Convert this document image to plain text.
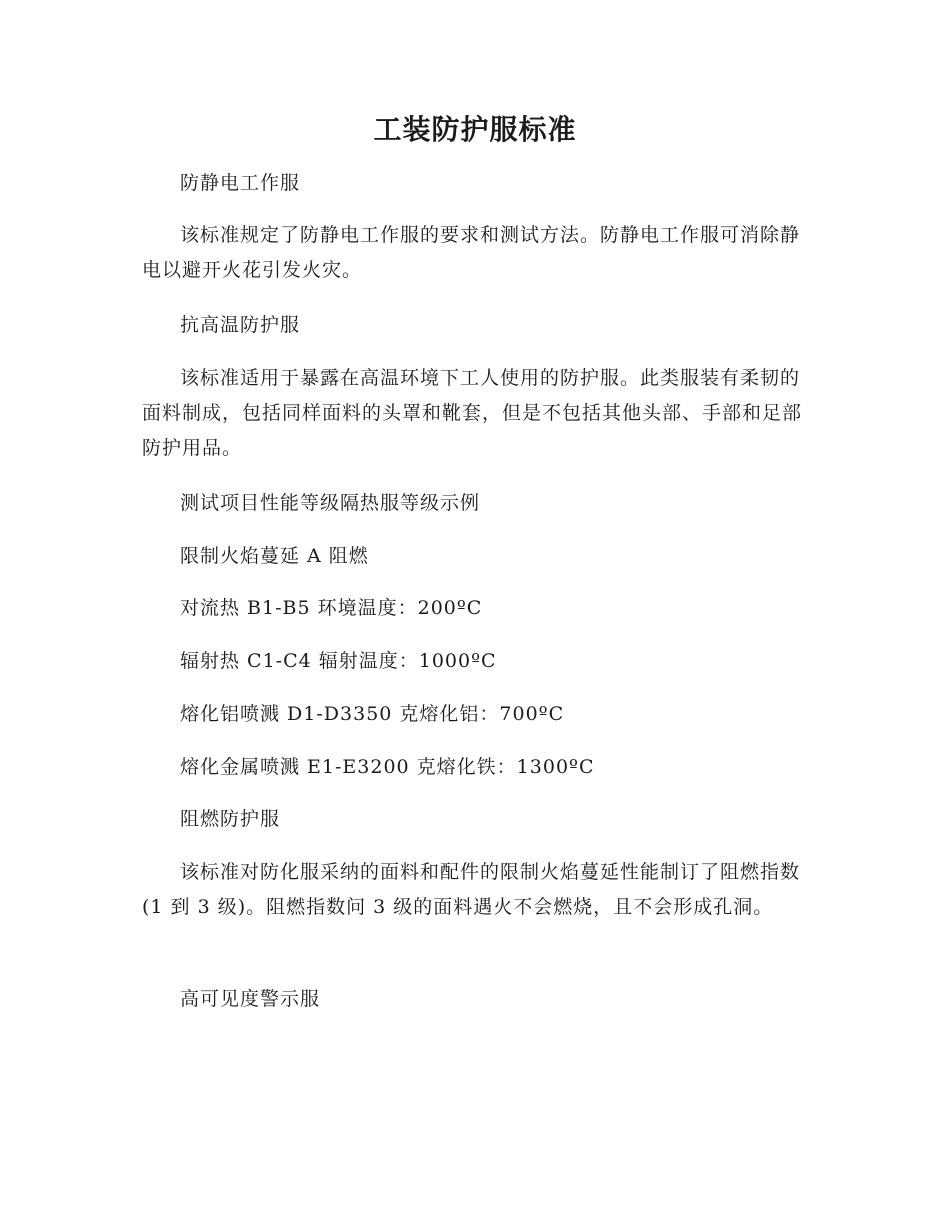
工装防护服标准

防静电工作服

该标准规定了防静电工作服的要求和测试方法。防静电工作服可消除静电以避开火花引发火灾。

抗高温防护服

该标准适用于暴露在高温环境下工人使用的防护服。此类服装有柔韧的面料制成，包括同样面料的头罩和靴套，但是不包括其他头部、手部和足部防护用品。

测试项目性能等级隔热服等级示例

限制火焰蔓延 A 阻燃

对流热 B1-B5 环境温度：200ºC

辐射热 C1-C4 辐射温度：1000ºC

熔化铝喷溅 D1-D3350 克熔化铝：700ºC

熔化金属喷溅 E1-E3200 克熔化铁：1300ºC

阻燃防护服

该标准对防化服采纳的面料和配件的限制火焰蔓延性能制订了阻燃指数(1 到 3 级)。阻燃指数问 3 级的面料遇火不会燃烧，且不会形成孔洞。

高可见度警示服
